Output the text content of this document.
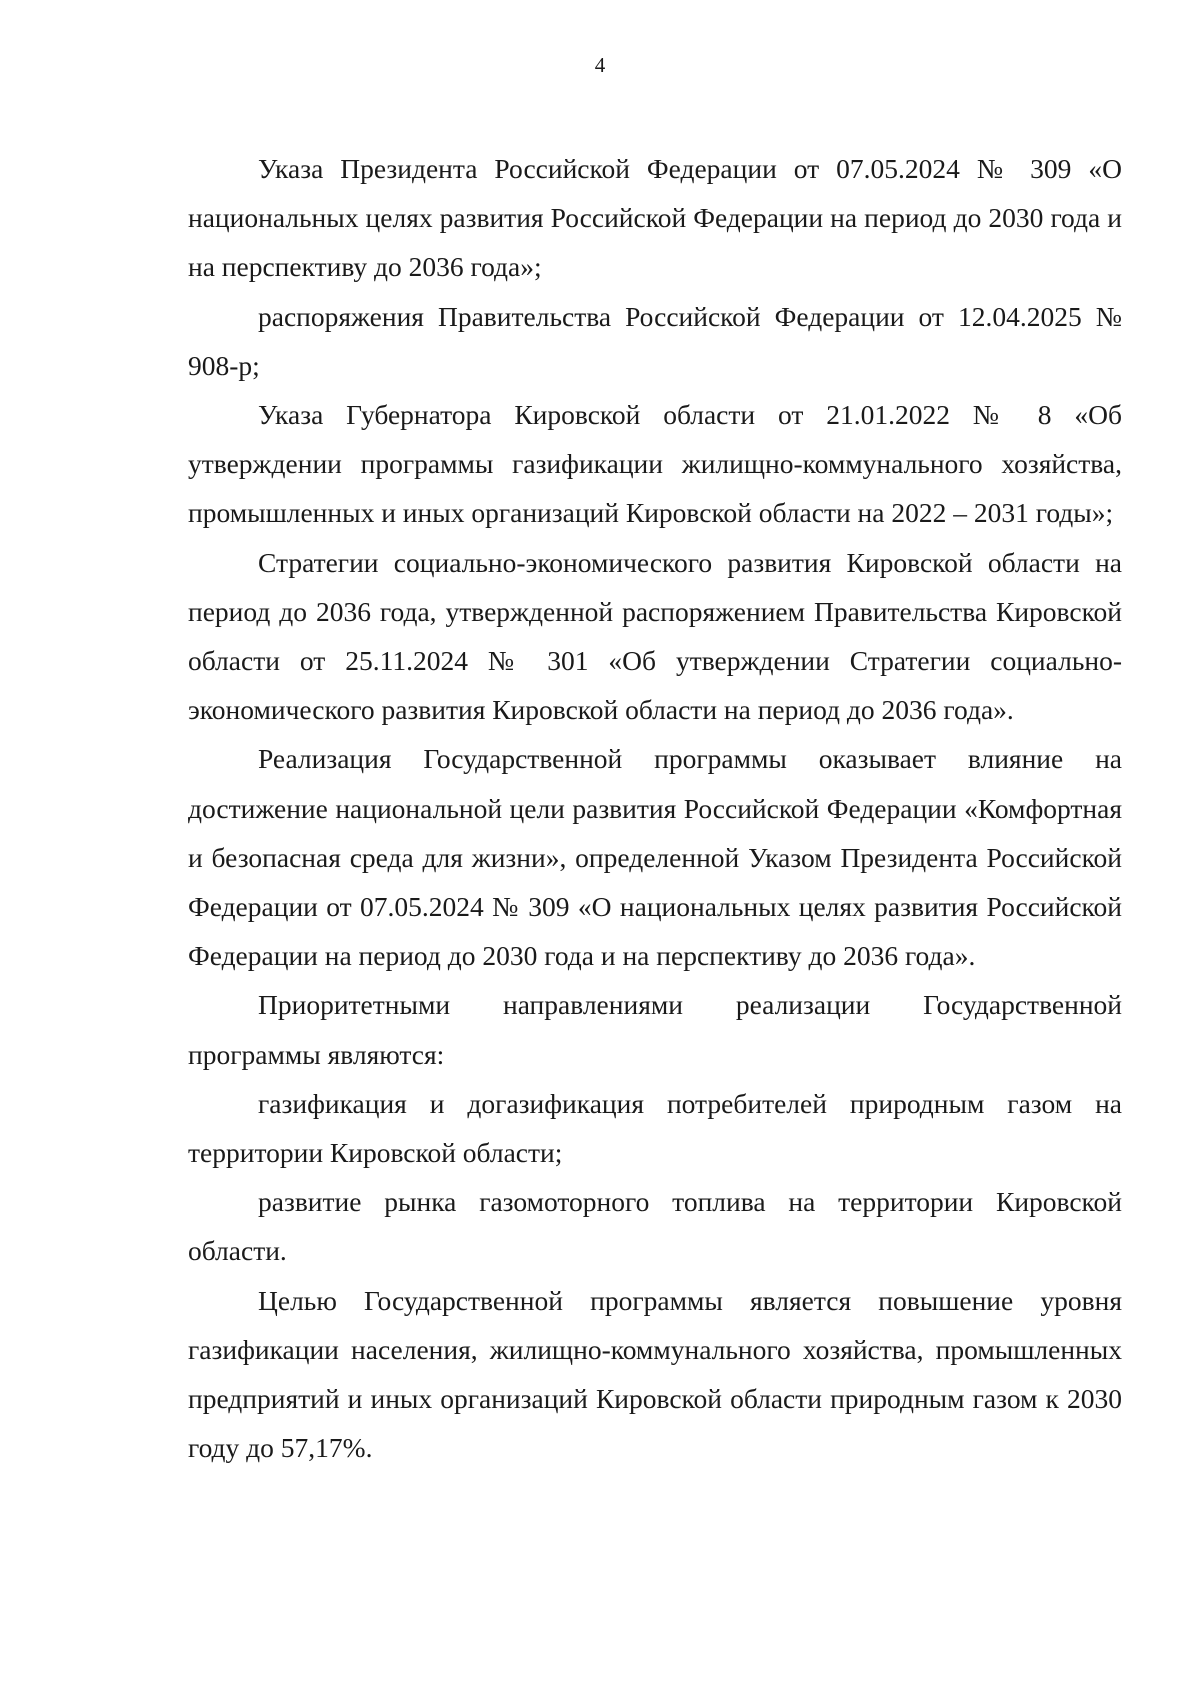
4

Указа Президента Российской Федерации от 07.05.2024 № 309 «О национальных целях развития Российской Федерации на период до 2030 года и на перспективу до 2036 года»;

распоряжения Правительства Российской Федерации от 12.04.2025 № 908-р;

Указа Губернатора Кировской области от 21.01.2022 № 8 «Об утверждении программы газификации жилищно-коммунального хозяйства, промышленных и иных организаций Кировской области на 2022 – 2031 годы»;

Стратегии социально-экономического развития Кировской области на период до 2036 года, утвержденной распоряжением Правительства Кировской области от 25.11.2024 № 301 «Об утверждении Стратегии социально-экономического развития Кировской области на период до 2036 года».

Реализация Государственной программы оказывает влияние на достижение национальной цели развития Российской Федерации «Комфортная и безопасная среда для жизни», определенной Указом Президента Российской Федерации от 07.05.2024 № 309 «О национальных целях развития Российской Федерации на период до 2030 года и на перспективу до 2036 года».

Приоритетными направлениями реализации Государственной программы являются:

газификация и догазификация потребителей природным газом на территории Кировской области;

развитие рынка газомоторного топлива на территории Кировской области.

Целью Государственной программы является повышение уровня газификации населения, жилищно-коммунального хозяйства, промышленных предприятий и иных организаций Кировской области природным газом к 2030 году до 57,17%.
